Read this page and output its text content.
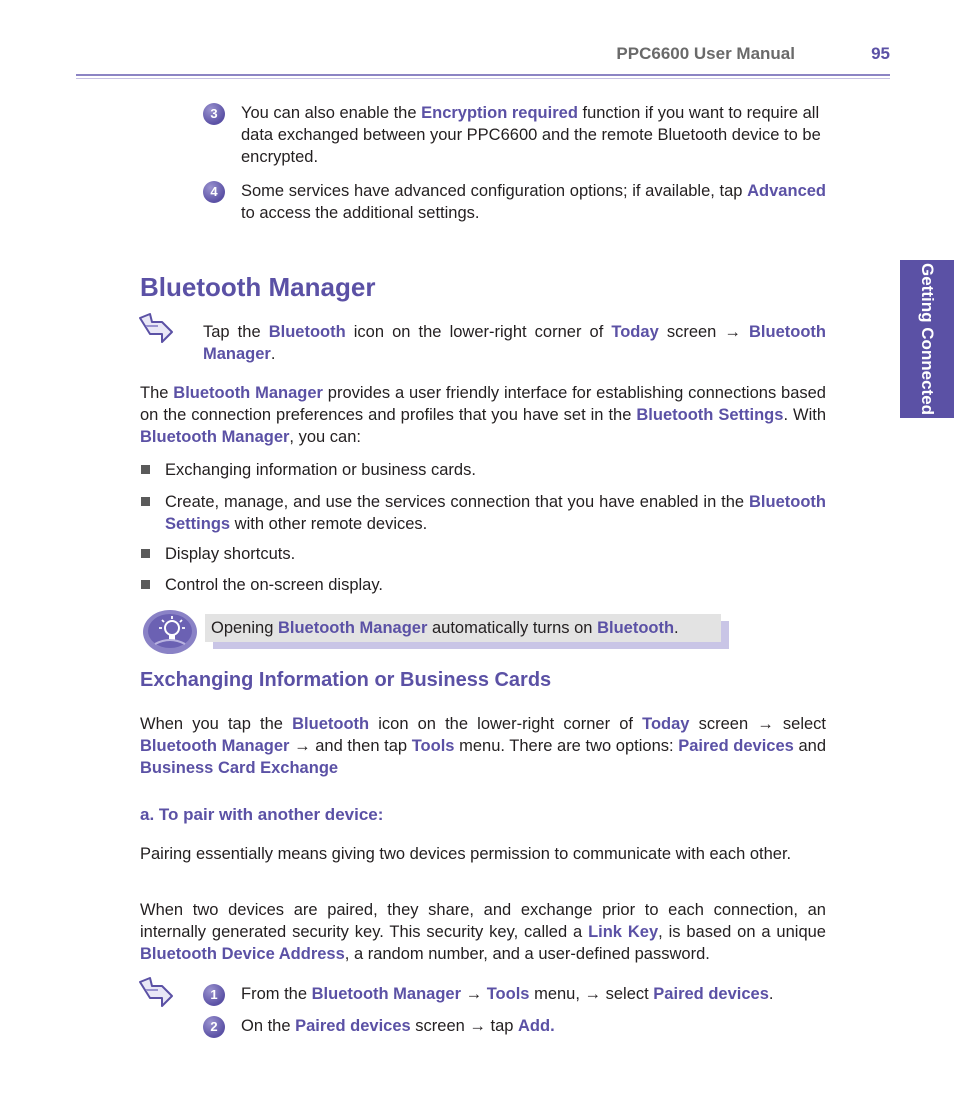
PPC6600 User Manual	95
Getting Connected
3	You can also enable the Encryption required function if you want to require all data exchanged between your PPC6600 and the remote Bluetooth device to be encrypted.
4	Some services have advanced configuration options; if available, tap Advanced to access the additional settings.
Bluetooth Manager
Tap the Bluetooth icon on the lower-right corner of Today screen → Bluetooth Manager.
The Bluetooth Manager provides a user friendly interface for establishing connections based on the connection preferences and profiles that you have set in the Bluetooth Settings. With Bluetooth Manager, you can:
Exchanging information or business cards.
Create, manage, and use the services connection that you have enabled in the Bluetooth Settings with other remote devices.
Display shortcuts.
Control the on-screen display.
Opening Bluetooth Manager automatically turns on Bluetooth.
Exchanging Information or Business Cards
When you tap the Bluetooth icon on the lower-right corner of Today screen → select Bluetooth Manager → and then tap Tools menu. There are two options: Paired devices and Business Card Exchange
a. To pair with another device:
Pairing essentially means giving two devices permission to communicate with each other.
When two devices are paired, they share, and exchange prior to each connection, an internally generated security key. This security key, called a Link Key, is based on a unique Bluetooth Device Address, a random number, and a user-defined password.
1	From the Bluetooth Manager → Tools menu, → select Paired devices.
2	On the Paired devices screen → tap Add.
